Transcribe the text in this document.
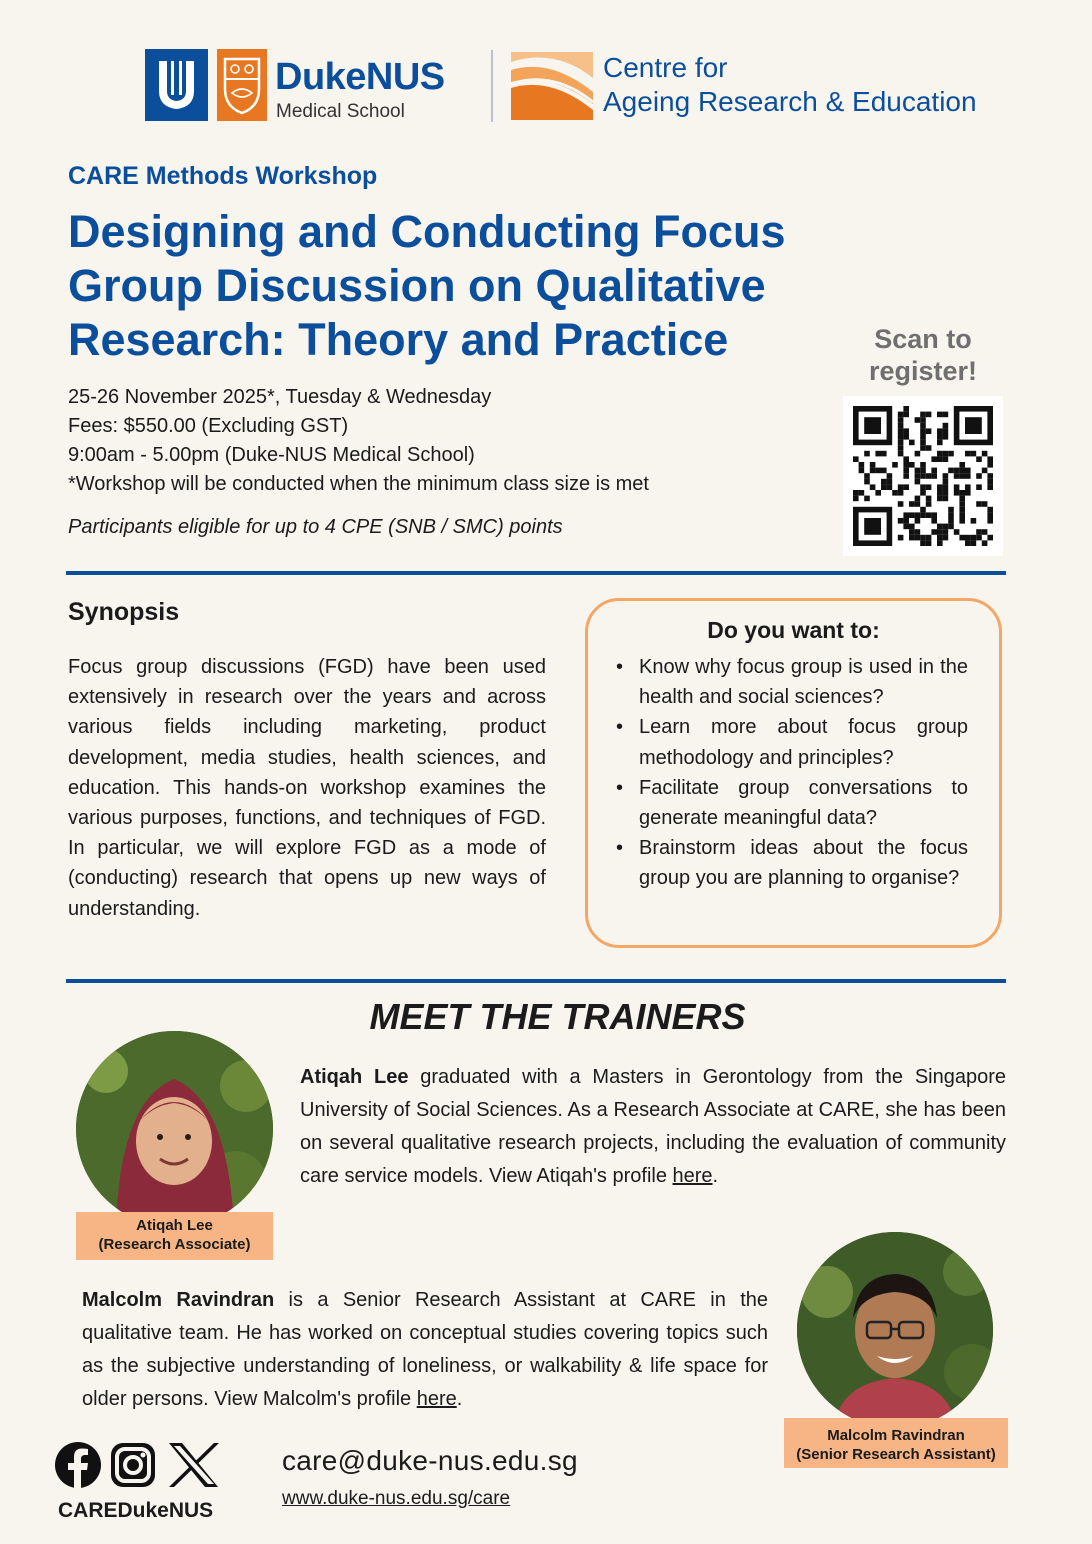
DukeNUS
Medical School
Centre for
Ageing Research & Education
CARE Methods Workshop
Designing and Conducting Focus
Group Discussion on Qualitative
Research: Theory and Practice
25-26 November 2025*, Tuesday & Wednesday
Fees: $550.00 (Excluding GST)
9:00am - 5.00pm (Duke-NUS Medical School)
*Workshop will be conducted when the minimum class size is met
Participants eligible for up to 4 CPE (SNB / SMC) points
Scan to
register!
Synopsis
Focus group discussions (FGD) have been used extensively in research over the years and across various fields including marketing, product development, media studies, health sciences, and education. This hands-on workshop examines the various purposes, functions, and techniques of FGD. In particular, we will explore FGD as a mode of (conducting) research that opens up new ways of understanding.
Do you want to:
• Know why focus group is used in the health and social sciences?
• Learn more about focus group methodology and principles?
• Facilitate group conversations to generate meaningful data?
• Brainstorm ideas about the focus group you are planning to organise?
MEET THE TRAINERS
Atiqah Lee
(Research Associate)
Atiqah Lee graduated with a Masters in Gerontology from the Singapore University of Social Sciences. As a Research Associate at CARE, she has been on several qualitative research projects, including the evaluation of community care service models. View Atiqah's profile here.
Malcolm Ravindran is a Senior Research Assistant at CARE in the qualitative team. He has worked on conceptual studies covering topics such as the subjective understanding of loneliness, or walkability & life space for older persons. View Malcolm's profile here.
Malcolm Ravindran
(Senior Research Assistant)
CAREDukeNUS
care@duke-nus.edu.sg
www.duke-nus.edu.sg/care
